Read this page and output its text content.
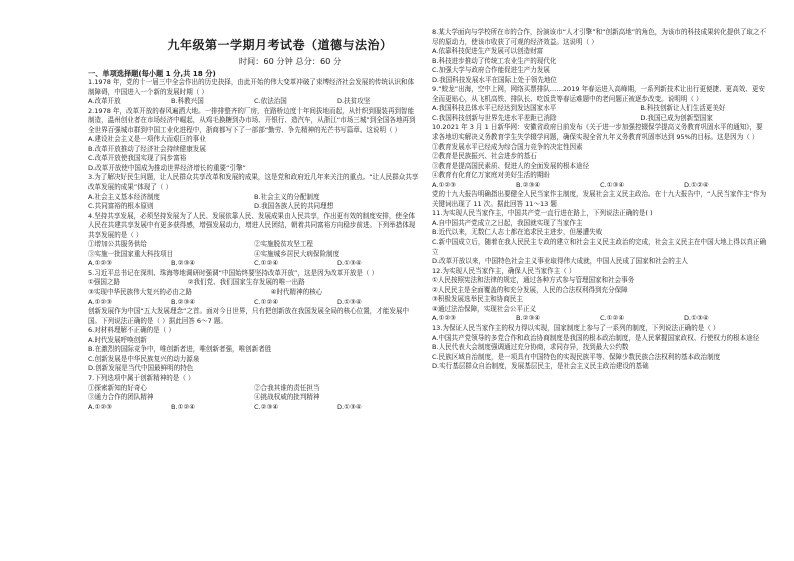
九年级第一学期月考试卷（道德与法治）
时间：60 分钟 总分：60 分
一、单项选择题(每小题 1 分,共 18 分)

1.1978 年，党的十一届三中全会作出的历史抉择，由此开始的伟大变革冲破了束缚经济社会发展的传统认识和体制障碍，中国进入一个新的发展时期（ ）

A.改革开放	B.科教兴国	C.依法治国	D.扶贫攻坚

2.1978 年，改革开放的春风遍洒大地。一排排整齐的厂房，在路桥边度十年间拔地而起，从针织到服装再到智能制造，温州创业者在市场经济中崛起，从鸡毛换糖到办市场、开银行、造汽车，从浙江“市场三城”到全国各地再到全世界百强城市群到中国工业化进程中，浙商都写下了一部部“勤劳、争先精神的光芒书写篇章。这说明（ ）

A.建设社会主义是一项伟大而艰巨的事业
B.改革开放推动了经济社会持续健康发展
C.改革开放使我国实现了同步富裕
D.改革开放使中国成为推动世界经济增长的重要“引擎”

3.为了解决好民生问题，让人民群众共享改革和发展的成果，这是党和政府近几年来关注的重点。“让人民群众共享改革发展的成果”体现了（ ）

A.社会主义基本经济制度	B.社会主义的分配制度
C.共同富裕的根本原则	D.我国各族人民的共同理想

4.坚持共享发展，必须坚持发展为了人民、发展依靠人民、发展成果由人民共享，作出更有效的制度安排，使全体人民在共建共享发展中有更多获得感，增强发展动力，增进人民团结，朝着共同富裕方向稳步前进。下列举措体现共享发展的是（ ）

①增加公共服务供给	②实施脱贫攻坚工程
③实施一批国家重大科技项目	④实施城乡居民大病保险制度
A.①②③	B.②③④	C.①②④	D.①③④

5.习近平总书记在深圳、珠海等地调研时强调“中国始终要坚持改革开放”，这是因为改革开放是（ ）

①强国之路	②我们党、我们国家生存发展的唯一出路
③实现中华民族伟大复兴的必由之路	④时代精神的核心
A.①②③	B.②③④	C.①②④	D.①③④

创新发展作为中国“五大发展理念”之首。面对今日世界，只有把创新放在我国发展全局的核心位置，才能发展中国。下列说法正确的是（ ）据此回答 6～7 题。

6.对材料理解不正确的是（ ）
A.时代发展呼唤创新
B.在激烈的国际竞争中，唯创新者进，唯创新者强，唯创新者胜
C.创新发展是中华民族复兴的动力源泉
D.创新发展是当代中国最鲜明的特色
7.下列选项中属于创新精神的是（ ）
①探索新知的好奇心	②合我其谁的责任担当
③通力合作的团队精神	④挑战权威的批判精神
A.①②③	B.①②④	C.②③④	D.①③④

8.某大学面向与学校所在市的合作，扮演该市“人才引擎”和“创新高地”的角色，为该市的科技成果转化提供了取之不尽的原动力，使该市收获了可观的经济效益。这说明（ ）

A.依靠科技促进生产发展可以创造财富
B.科技进步推动了传统工农业生产的现代化
C.加强大学与政府合作能促进生产力发展
D.我国科技发展水平在国际上处于领先地位

9.“蛟龙”出海，空中上网，网络买票排队……2019 年春运进入高峰期，一系列新技术让出行更便捷、更高效、更安全而更贴心，从飞机高铁、排队长、吃饭贵等春运难题中的老问题正被逐步改变。说明明（ ）

A.我国科技总体水平已经达到发达国家水平	B.科技创新让人们生活更美好
C.我国科技创新与世界先进水平差距已消除	D.我国已成为创新型国家

10.2021 年 3 月 1 日新华网：安徽省政府日前发布《关于进一步加强控辍保学提高义务教育巩固水平的通知》，要求各地切实解决义务教育学生失学辍学问题，确保实现全省九年义务教育巩固率达到 95%的目标。这是因为（ ）

①教育发展水平已经成为综合国力竞争的决定性因素
②教育是民族振兴、社会进步的基石
③教育是提高国民素质、促进人的全面发展的根本途径
④教育有化育亿万家庭对美好生活的期盼
A.①②③	B.②③④	C.①③④	D.①②④

党的十九大报告明确指出要健全人民当家作主制度，发展社会主义民主政治。在十九大报告中，“人民当家作主”作为关键词出现了 11 次。据此回答 11～13 题

11.为实现人民当家作主，中国共产党一直行进在路上，下列说法正确的是( )
A.自中国共产党成立之日起，我国就实现了当家作主
B.近代以来，无数仁人志士都在追求民主进步，但屡遭失败

C.新中国成立后，随着在我人民民主专政的建立和社会主义民主政治的完成，社会主义民主在中国大地上得以真正确立

D.改革开放以来，中国特色社会主义事业取得伟大成就，中国人民成了国家和社会的主人
12.为实现人民当家作主，确保人民当家作主（ ）
①人民按照宪法和法律的规定，通过各种方式参与管理国家和社会事务
②人民民主是全面覆盖的和充分发展，人民的合法权利得到充分保障
③积极发展选举民主和协商民主
④通过法治保障，实现社会公平正义
A.①②③	B.②③④	C.①②④	D.①③④

13.为保证人民当家作主的权力得以实现，国家制度上参与了一系列的制度，下列说法正确的是（ ）

A.中国共产党领导的多党合作和政治协商制度是我国的根本政治制度，是人民掌握国家政权、行使权力的根本途径

B.人民代表大会制度强调通过充分协商，求同存异，找到最大公约数

C.民族区域自治制度，是一项具有中国特色的实现民族平等、保障少数民族合法权利的基本政治制度

D.实行基层群众自治制度，发展基层民主，是社会主义民主政治建设的基础
